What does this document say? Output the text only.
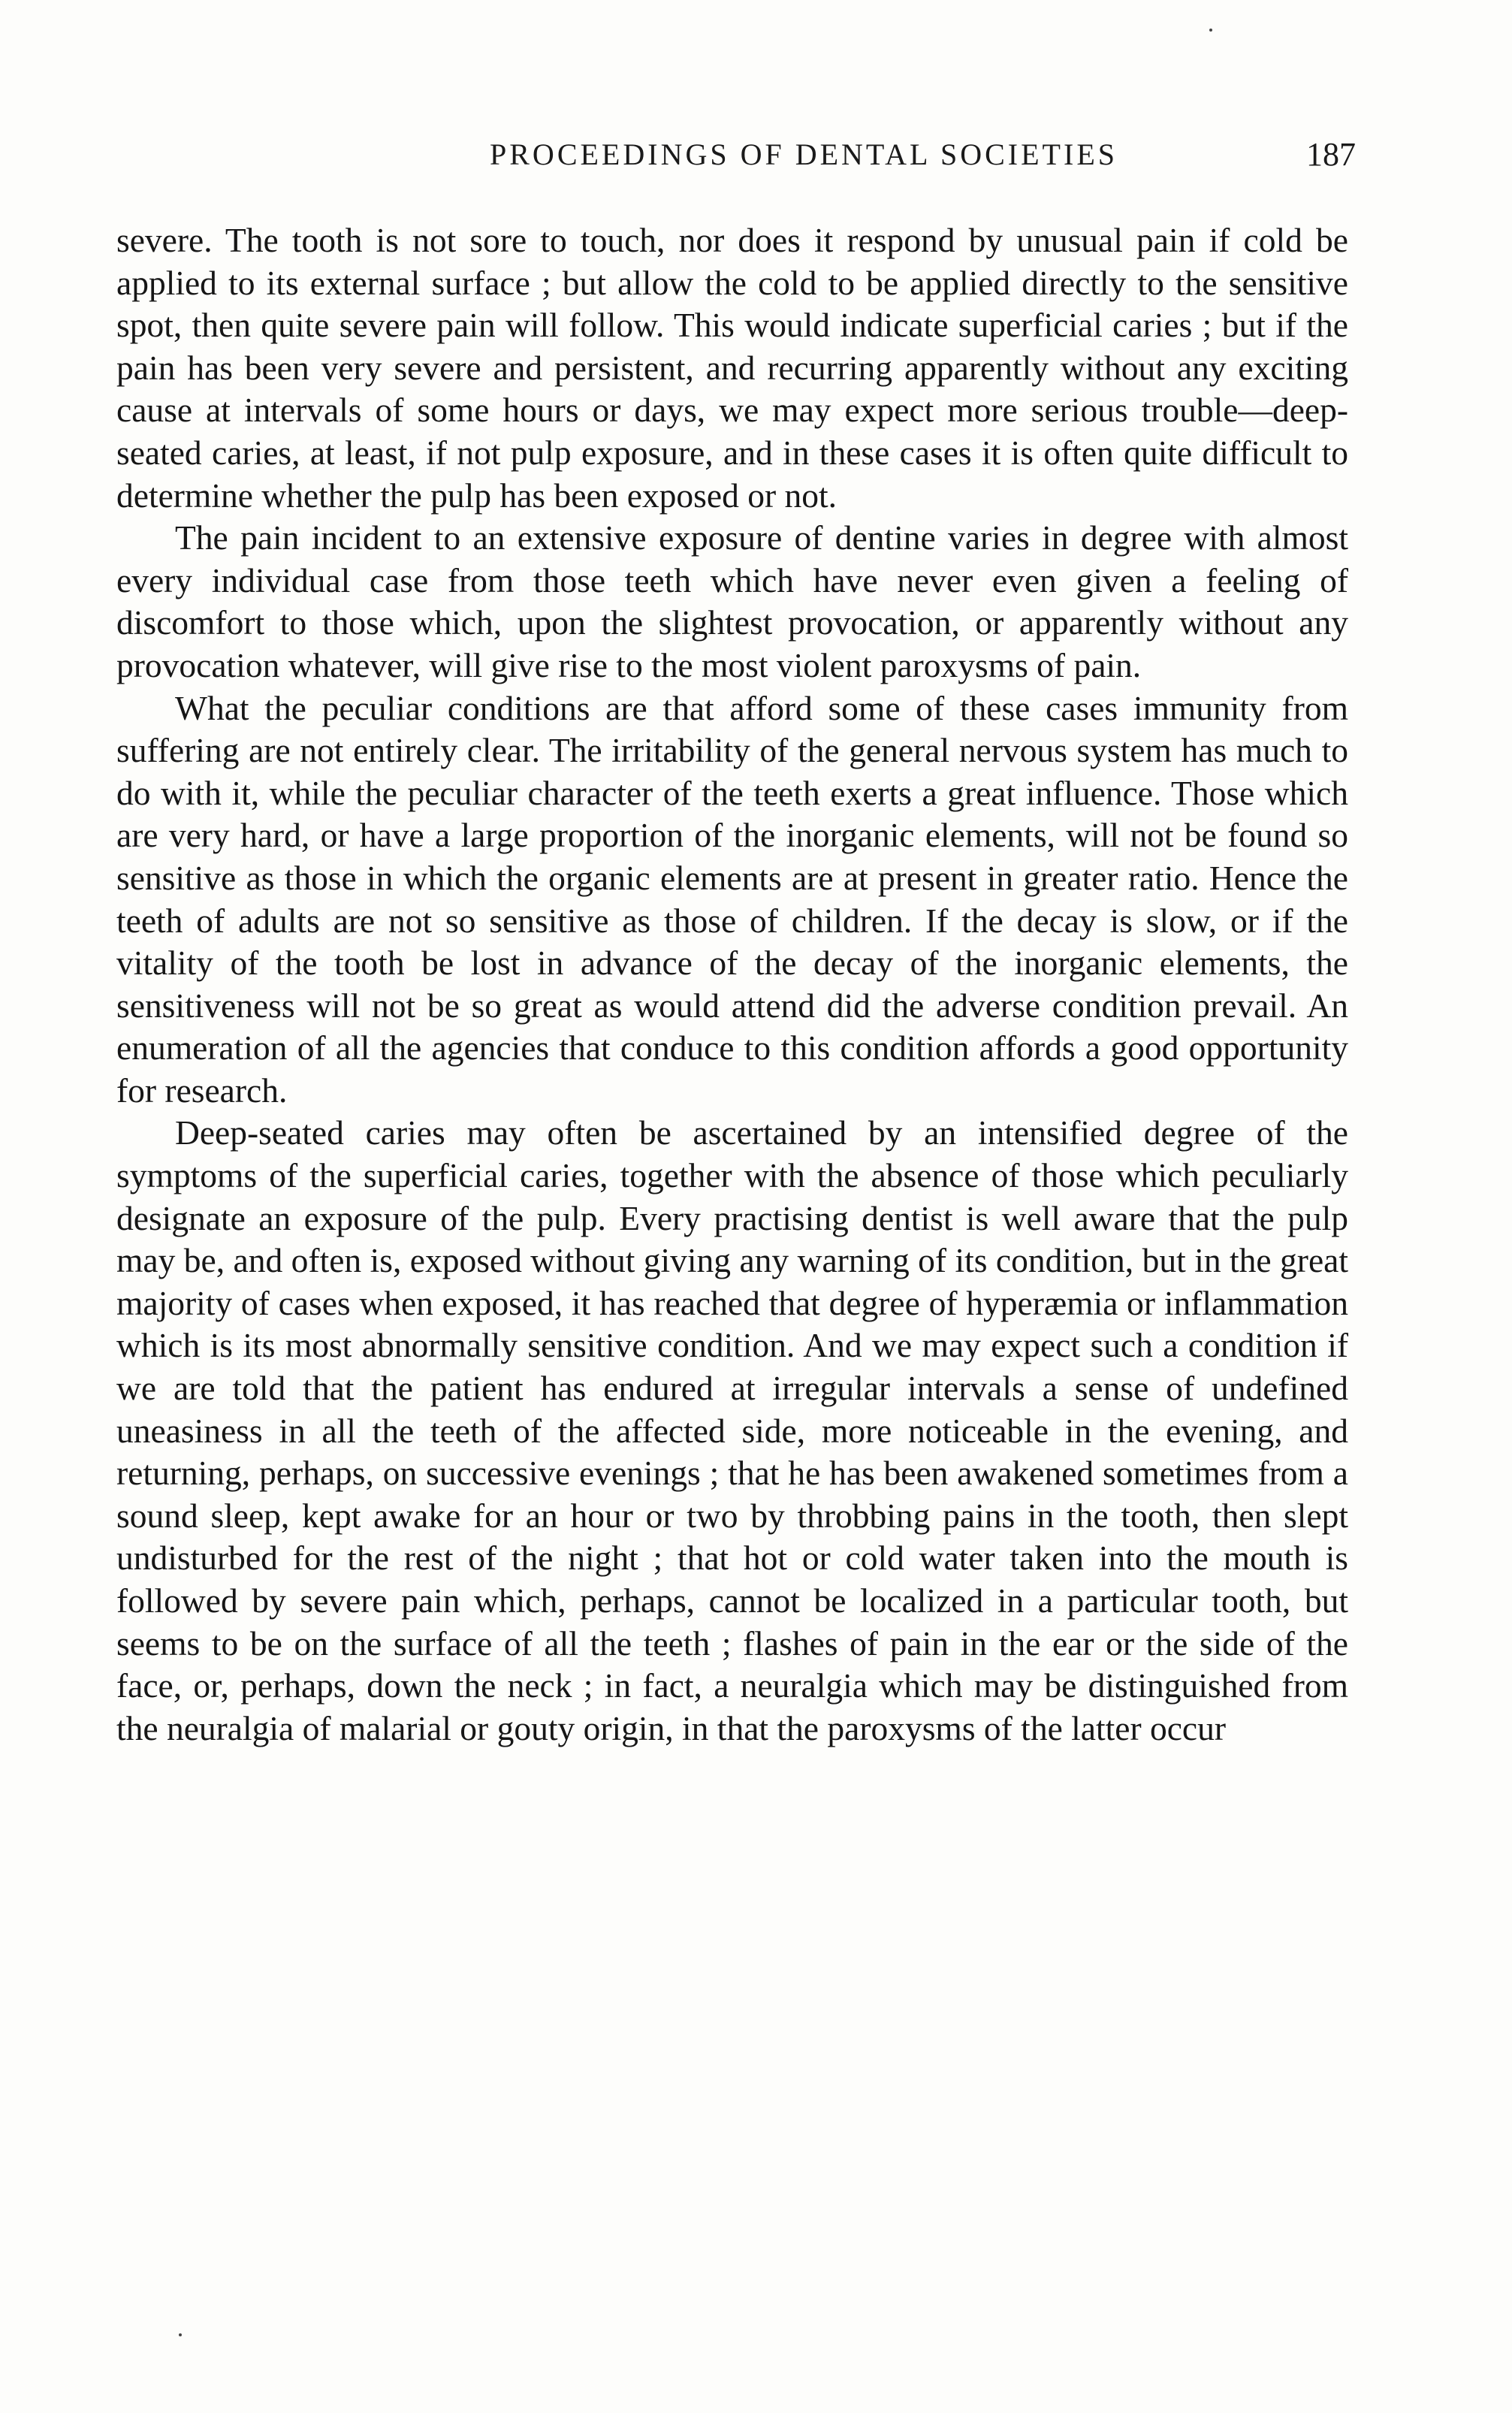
PROCEEDINGS OF DENTAL SOCIETIES	187

severe. The tooth is not sore to touch, nor does it respond by unusual pain if cold be applied to its external surface ; but allow the cold to be applied directly to the sensitive spot, then quite severe pain will follow. This would indicate superficial caries ; but if the pain has been very severe and persistent, and recurring apparently without any exciting cause at intervals of some hours or days, we may expect more serious trouble—deep-seated caries, at least, if not pulp exposure, and in these cases it is often quite difficult to determine whether the pulp has been exposed or not.

The pain incident to an extensive exposure of dentine varies in degree with almost every individual case from those teeth which have never even given a feeling of discomfort to those which, upon the slightest provocation, or apparently without any provocation whatever, will give rise to the most violent paroxysms of pain.

What the peculiar conditions are that afford some of these cases immunity from suffering are not entirely clear. The irritability of the general nervous system has much to do with it, while the peculiar character of the teeth exerts a great influence. Those which are very hard, or have a large proportion of the inorganic elements, will not be found so sensitive as those in which the organic elements are at present in greater ratio. Hence the teeth of adults are not so sensitive as those of children. If the decay is slow, or if the vitality of the tooth be lost in advance of the decay of the inorganic elements, the sensitiveness will not be so great as would attend did the adverse condition prevail. An enumeration of all the agencies that conduce to this condition affords a good opportunity for research.

Deep-seated caries may often be ascertained by an intensified degree of the symptoms of the superficial caries, together with the absence of those which peculiarly designate an exposure of the pulp. Every practising dentist is well aware that the pulp may be, and often is, exposed without giving any warning of its condition, but in the great majority of cases when exposed, it has reached that degree of hyperæmia or inflammation which is its most abnormally sensitive condition. And we may expect such a condition if we are told that the patient has endured at irregular intervals a sense of undefined uneasiness in all the teeth of the affected side, more noticeable in the evening, and returning, perhaps, on successive evenings ; that he has been awakened sometimes from a sound sleep, kept awake for an hour or two by throbbing pains in the tooth, then slept undisturbed for the rest of the night ; that hot or cold water taken into the mouth is followed by severe pain which, perhaps, cannot be localized in a particular tooth, but seems to be on the surface of all the teeth ; flashes of pain in the ear or the side of the face, or, perhaps, down the neck ; in fact, a neuralgia which may be distinguished from the neuralgia of malarial or gouty origin, in that the paroxysms of the latter occur
